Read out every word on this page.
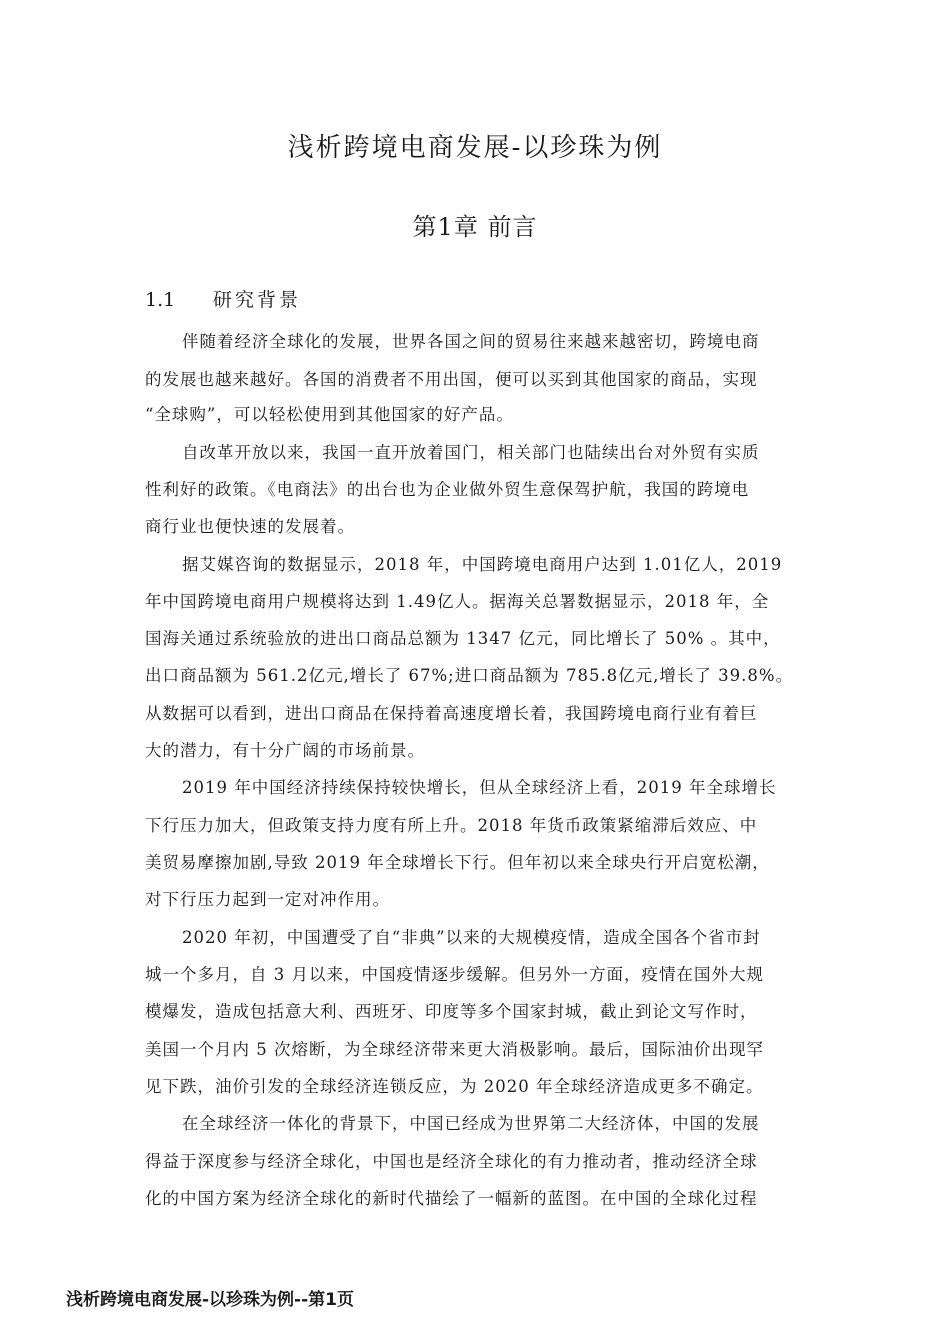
浅析跨境电商发展-以珍珠为例
第1章 前言
1.1 研究背景
伴随着经济全球化的发展，世界各国之间的贸易往来越来越密切，跨境电商
的发展也越来越好。各国的消费者不用出国，便可以买到其他国家的商品，实现
“全球购”，可以轻松使用到其他国家的好产品。
自改革开放以来，我国一直开放着国门，相关部门也陆续出台对外贸有实质
性利好的政策。《电商法》的出台也为企业做外贸生意保驾护航，我国的跨境电
商行业也便快速的发展着。
据艾媒咨询的数据显示，2018 年，中国跨境电商用户达到 1.01亿人，2019
年中国跨境电商用户规模将达到 1.49亿人。据海关总署数据显示，2018 年，全
国海关通过系统验放的进出口商品总额为 1347 亿元，同比增长了 50% 。其中，
出口商品额为 561.2亿元,增长了 67%;进口商品额为 785.8亿元,增长了 39.8%。
从数据可以看到，进出口商品在保持着高速度增长着，我国跨境电商行业有着巨
大的潜力，有十分广阔的市场前景。
2019 年中国经济持续保持较快增长，但从全球经济上看，2019 年全球增长
下行压力加大，但政策支持力度有所上升。2018 年货币政策紧缩滞后效应、中
美贸易摩擦加剧,导致 2019 年全球增长下行。但年初以来全球央行开启宽松潮，
对下行压力起到一定对冲作用。
2020 年初，中国遭受了自“非典”以来的大规模疫情，造成全国各个省市封
城一个多月，自 3 月以来，中国疫情逐步缓解。但另外一方面，疫情在国外大规
模爆发，造成包括意大利、西班牙、印度等多个国家封城，截止到论文写作时，
美国一个月内 5 次熔断，为全球经济带来更大消极影响。最后，国际油价出现罕
见下跌，油价引发的全球经济连锁反应，为 2020 年全球经济造成更多不确定。
在全球经济一体化的背景下，中国已经成为世界第二大经济体，中国的发展
得益于深度参与经济全球化，中国也是经济全球化的有力推动者，推动经济全球
化的中国方案为经济全球化的新时代描绘了一幅新的蓝图。在中国的全球化过程
浅析跨境电商发展-以珍珠为例--第1页
